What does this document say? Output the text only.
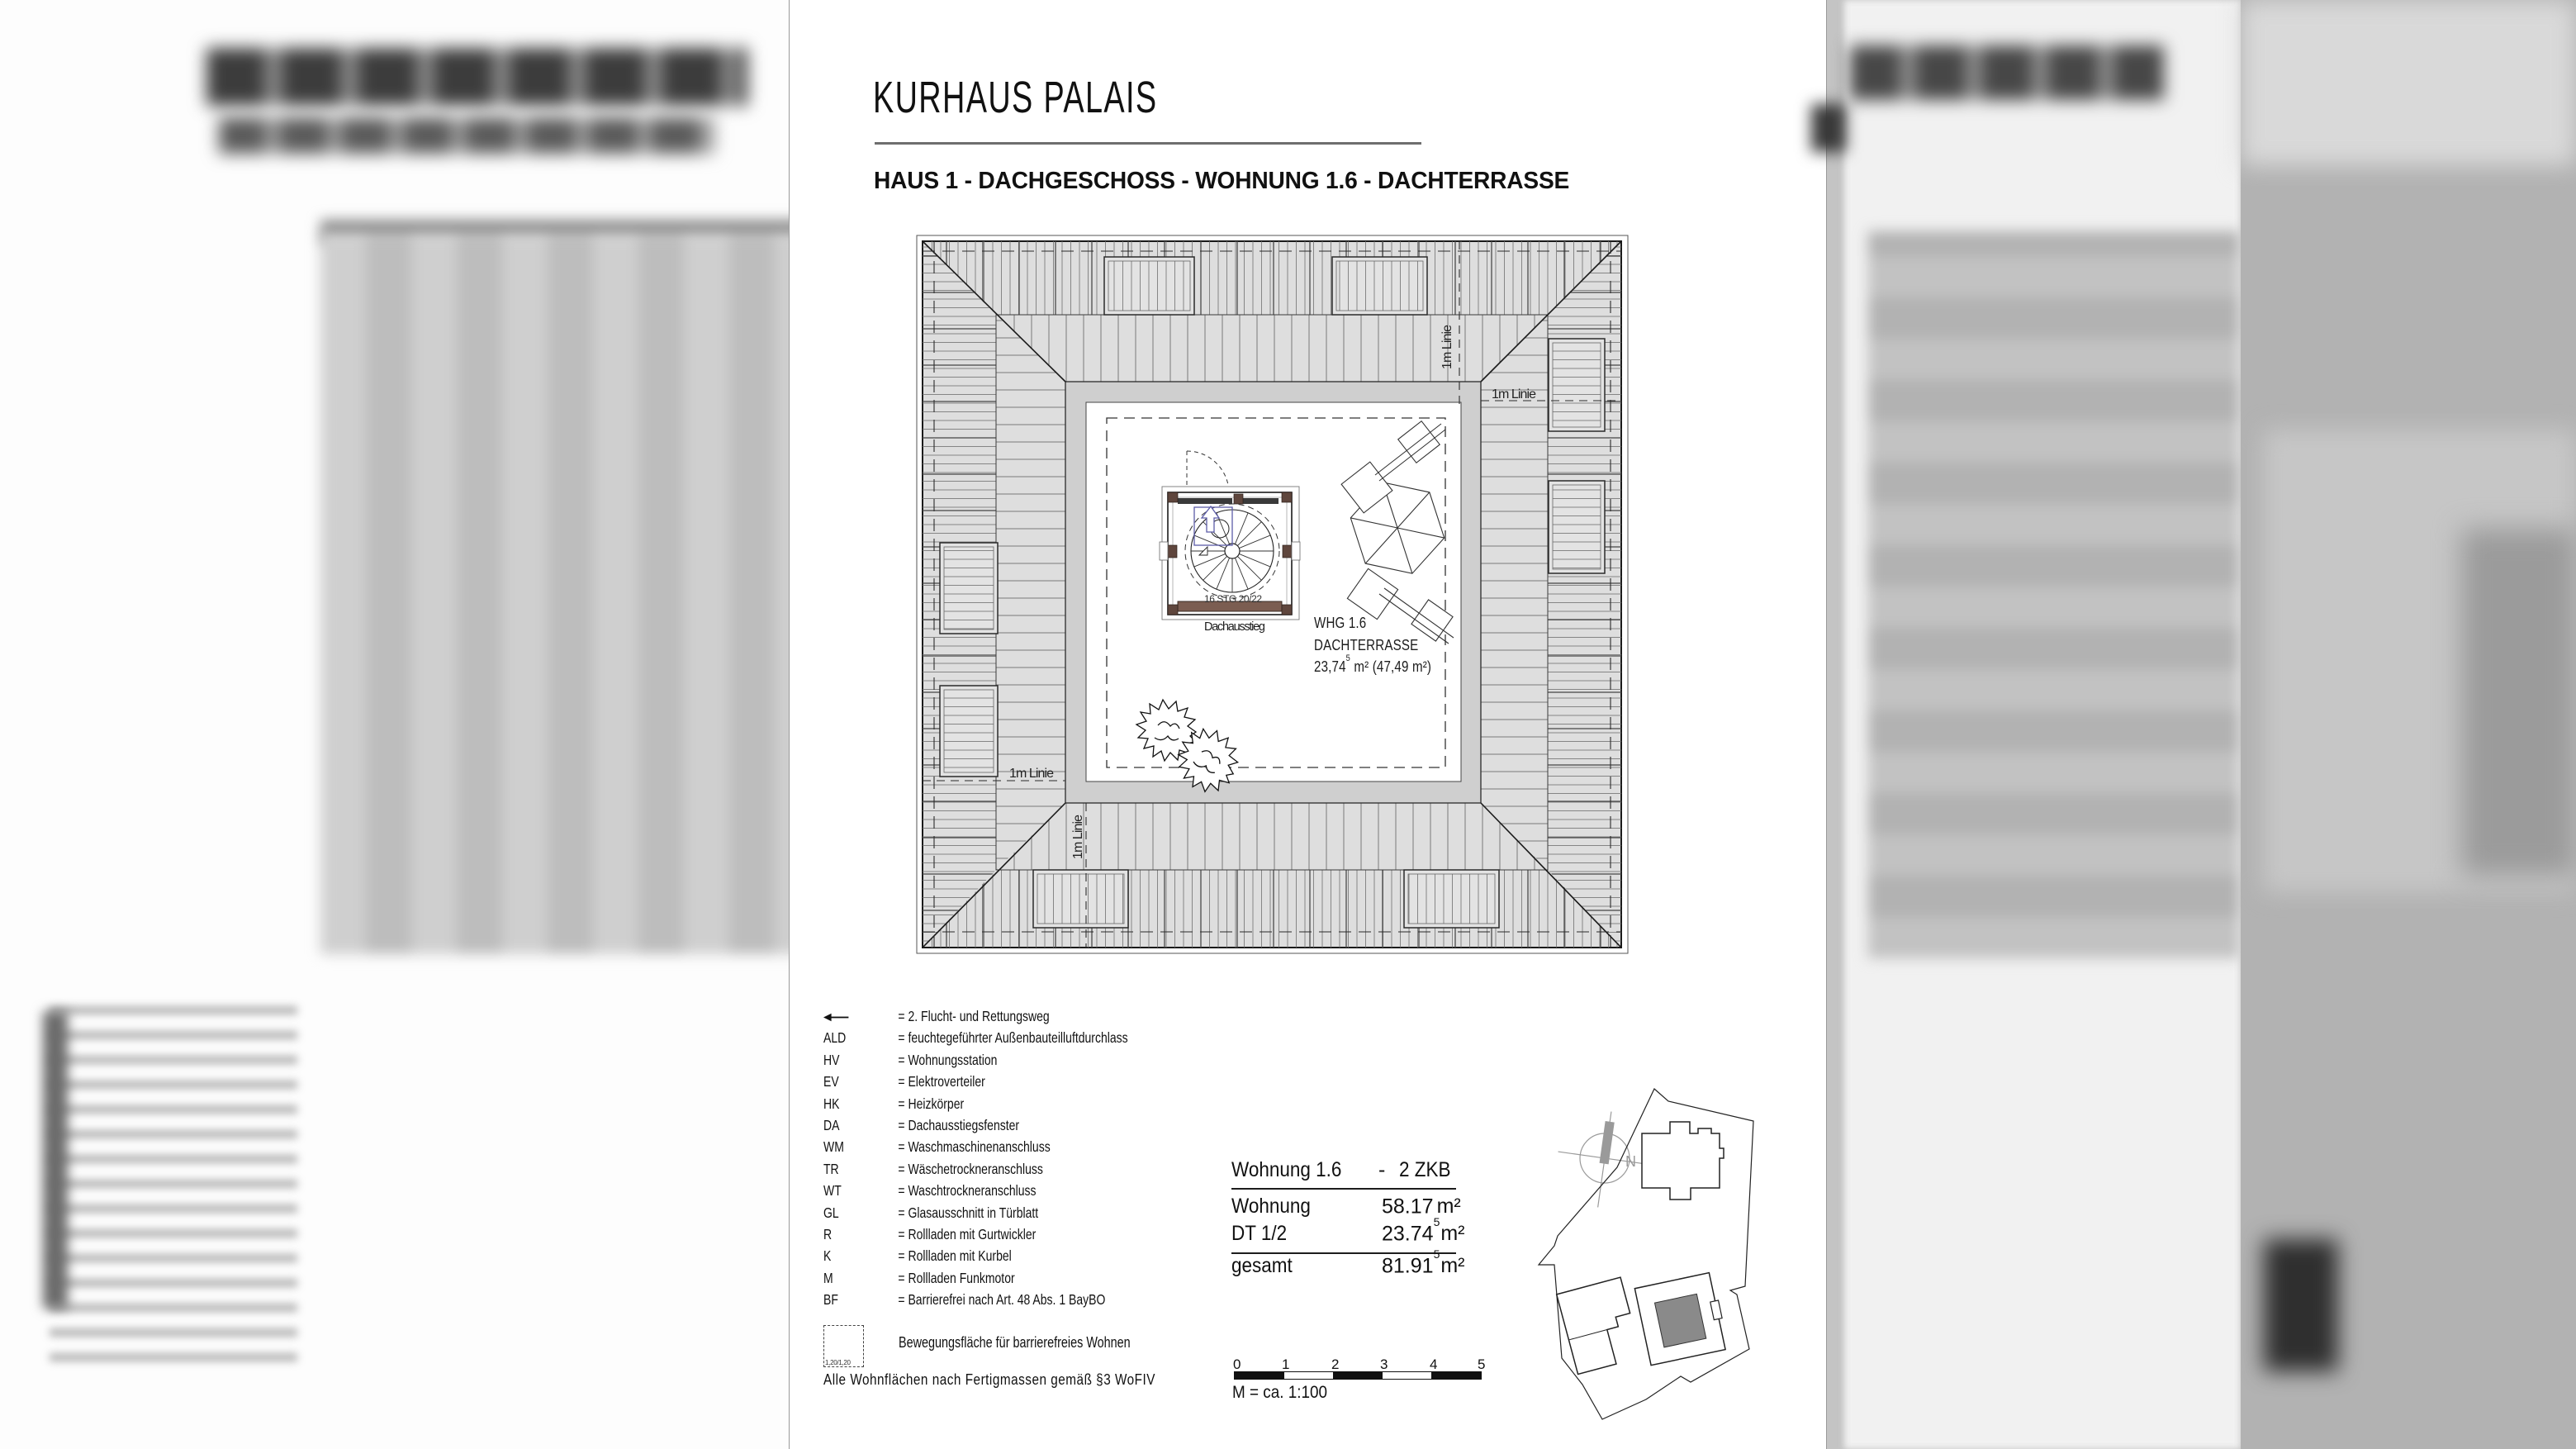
KURHAUS PALAIS
HAUS 1 - DACHGESCHOSS - WOHNUNG 1.6 - DACHTERRASSE
16 STG 20/22
1m Linie
1m Linie
1m Linie
1m Linie
Dachausstieg	WHG 1.6
DACHTERRASSE
23,74$^5$ m² (47,49 m²)
= 2. Flucht- und Rettungsweg
ALD	= feuchtegeführter Außenbauteilluftdurchlass
HV	= Wohnungsstation
EV	= Elektroverteiler
HK	= Heizkörper
DA	= Dachausstiegsfenster
WM	= Waschmaschinenanschluss
TR	= Wäschetrockneranschluss
WT	= Waschtrockneranschluss
GL	= Glasausschnitt in Türblatt
R	= Rollladen mit Gurtwickler
K	= Rollladen mit Kurbel
M	= Rollladen Funkmotor
BF	= Barrierefrei nach Art. 48 Abs. 1 BayBO
1,20/1,20
Bewegungsfläche für barrierefreies Wohnen
Alle Wohnflächen nach Fertigmassen gemäß §3 WoFIV
Wohnung 1.6 - 2 ZKB
Wohnung	58.17 m²
DT 1/2	23.74$^5$m²
gesamt	81.91$^5$m²
0	1	2	3	4	5
M = ca. 1:100
N
